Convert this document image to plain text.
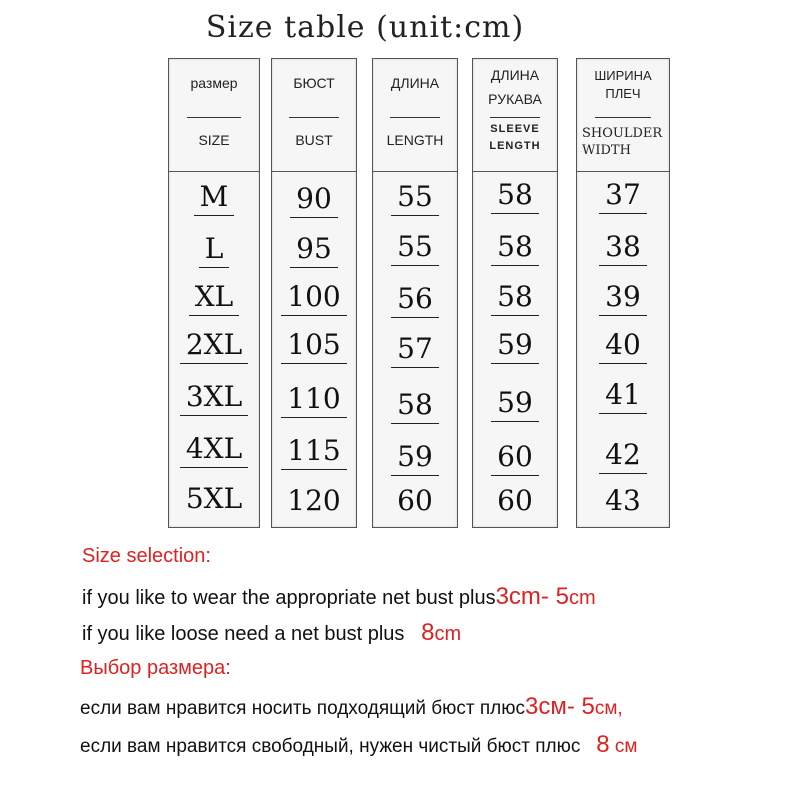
Size table (unit:cm)
размер
SIZE
M
L
XL
2XL
3XL
4XL
5XL
БЮСТ
BUST
90
95
100
105
110
115
120
ДЛИНА
LENGTH
55
55
56
57
58
59
60
ДЛИНА РУКАВА
SLEEVE LENGTH
58
58
58
59
59
60
60
ШИРИНА ПЛЕЧ
SHOULDER WIDTH
37
38
39
40
41
42
43
Size selection:
if you like to wear the appropriate net bust plus3cm- 5cm
if you like loose need a net bust plus 8cm
Выбор размера:
если вам нравится носить подходящий бюст плюс3см- 5см,
если вам нравится свободный, нужен чистый бюст плюс 8 см
